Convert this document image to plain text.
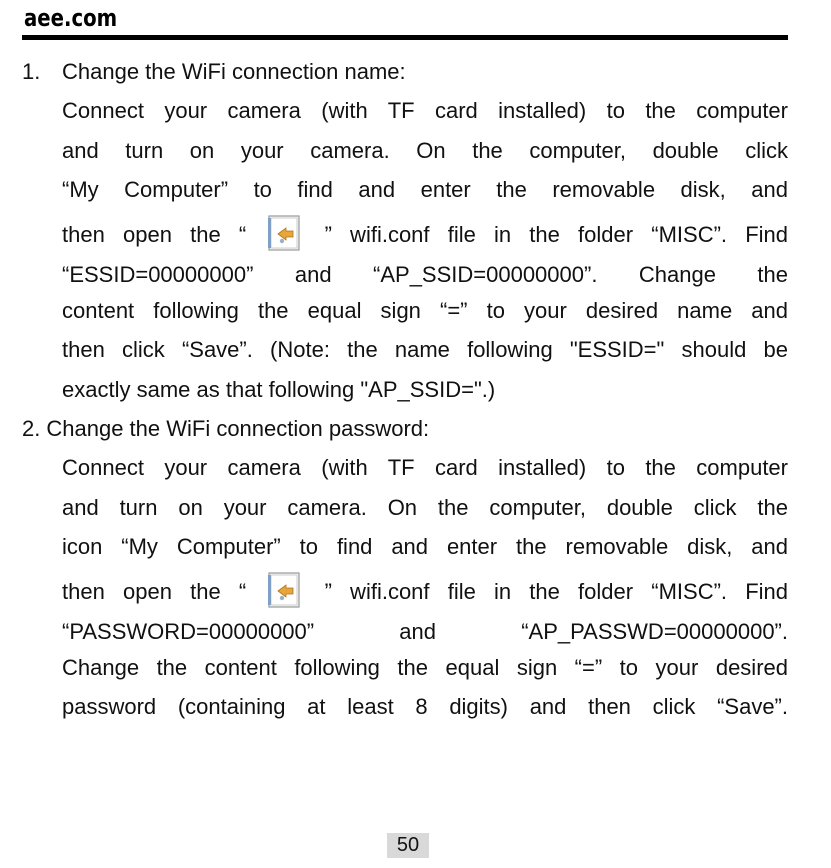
aee.com
1. Change the WiFi connection name:
Connect your camera (with TF card installed) to the computer
and turn on your camera. On the computer, double click
“My Computer” to find and enter the removable disk, and
then open the “	” wifi.conf file in the folder “MISC”. Find
“ESSID=00000000” and “AP_SSID=00000000”. Change the
content following the equal sign “=” to your desired name and
then click “Save”. (Note: the name following "ESSID=" should be
exactly same as that following "AP_SSID=".)
2. Change the WiFi connection password:
Connect your camera (with TF card installed) to the computer
and turn on your camera. On the computer, double click the
icon “My Computer” to find and enter the removable disk, and
then open the “	” wifi.conf file in the folder “MISC”. Find
“PASSWORD=00000000” and “AP_PASSWD=00000000”.
Change the content following the equal sign “=” to your desired
password (containing at least 8 digits) and then click “Save”.
50
